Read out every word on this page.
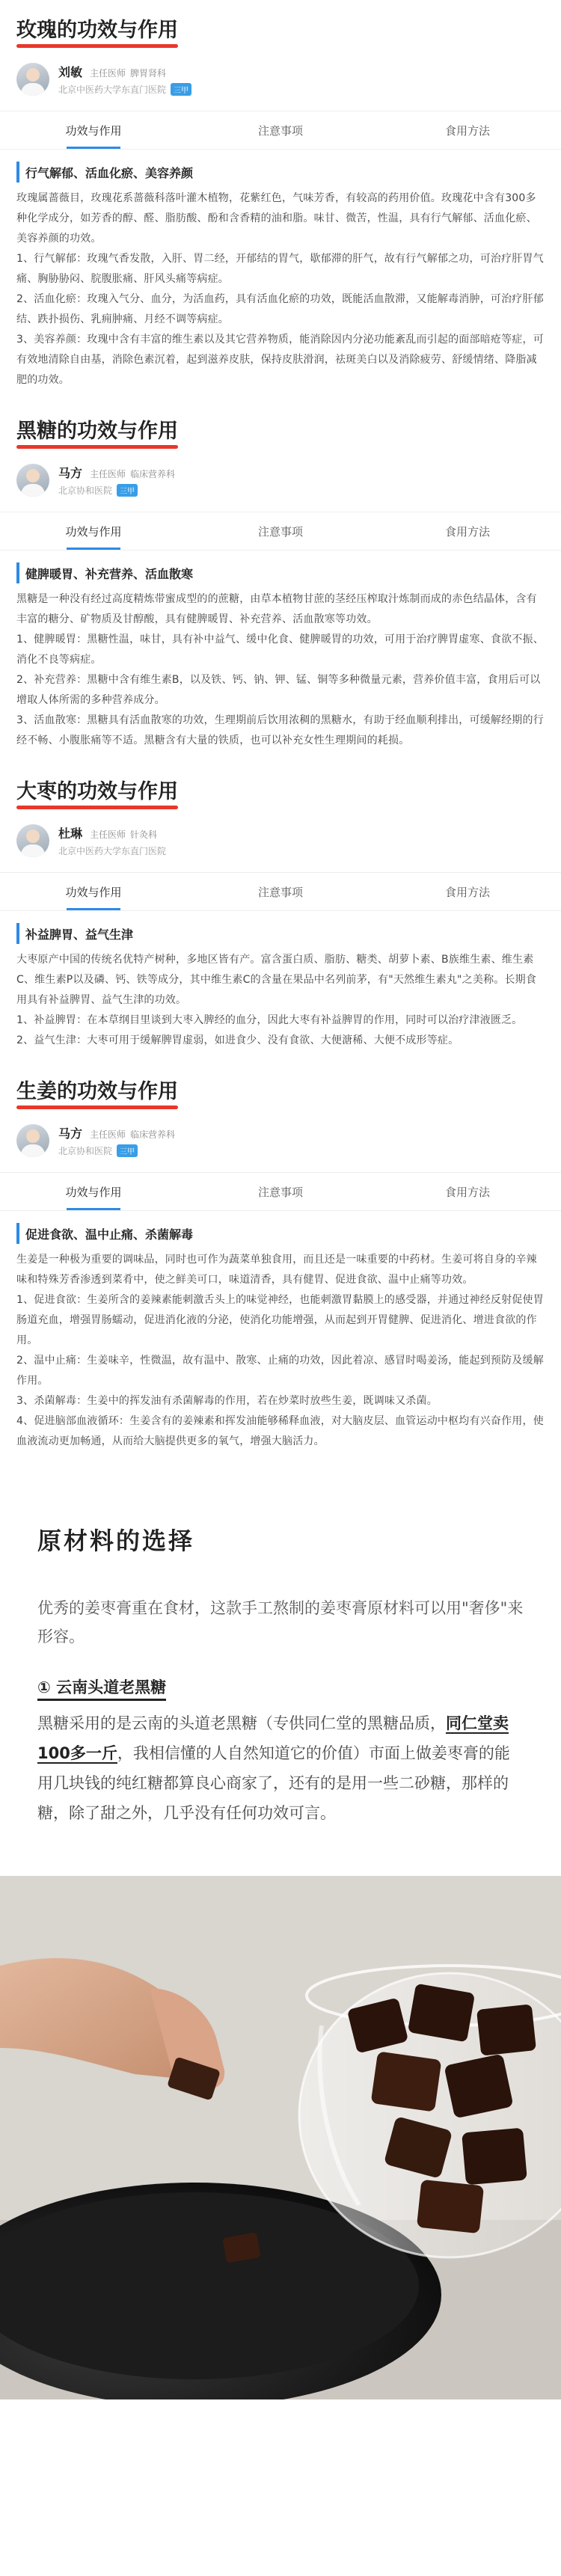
玫瑰的功效与作用
刘敏 主任医师 脾胃肾科
北京中医药大学东直门医院	三甲
功效与作用	注意事项	食用方法
行气解郁、活血化瘀、美容养颜

玫瑰属蔷薇目，玫瑰花系蔷薇科落叶灌木植物，花紫红色，气味芳香，有较高的药用价值。玫瑰花中含有300多种化学成分，如芳香的醇、醛、脂肪酸、酚和含香精的油和脂。味甘、微苦，性温，具有行气解郁、活血化瘀、美容养颜的功效。

1、行气解郁：玫瑰气香发散，入肝、胃二经，开郁结的胃气，歇郁滞的肝气，故有行气解郁之功，可治疗肝胃气痛、胸胁胁闷、脘腹胀痛、肝风头痛等病症。

2、活血化瘀：玫瑰入气分、血分，为活血药，具有活血化瘀的功效，既能活血散滞，又能解毒消肿，可治疗肝郁结、跌扑损伤、乳痈肿痛、月经不调等病症。

3、美容养颜：玫瑰中含有丰富的维生素以及其它营养物质，能消除因内分泌功能紊乱而引起的面部暗疮等症，可有效地清除自由基，消除色素沉着，起到滋养皮肤，保持皮肤滑润，祛斑美白以及消除疲劳、舒缓情绪、降脂减肥的功效。

黑糖的功效与作用
马方 主任医师 临床营养科
北京协和医院	三甲
功效与作用	注意事项	食用方法
健脾暖胃、补充营养、活血散寒

黑糖是一种没有经过高度精炼带蜜成型的的蔗糖，由草本植物甘蔗的茎经压榨取汁炼制而成的赤色结晶体，含有丰富的糖分、矿物质及甘醇酸，具有健脾暖胃、补充营养、活血散寒等功效。

1、健脾暖胃：黑糖性温，味甘，具有补中益气、缓中化食、健脾暖胃的功效，可用于治疗脾胃虚寒、食欲不振、消化不良等病症。

2、补充营养：黑糖中含有维生素B，以及铁、钙、钠、钾、锰、铜等多种微量元素，营养价值丰富，食用后可以增取人体所需的多种营养成分。

3、活血散寒：黑糖具有活血散寒的功效，生理期前后饮用浓稠的黑糖水，有助于经血顺利排出，可缓解经期的行经不畅、小腹胀痛等不适。黑糖含有大量的铁质，也可以补充女性生理期间的耗损。

大枣的功效与作用
杜琳 主任医师 针灸科
北京中医药大学东直门医院
功效与作用	注意事项	食用方法
补益脾胃、益气生津

大枣原产中国的传统名优特产树种，多地区皆有产。富含蛋白质、脂肪、糖类、胡萝卜素、B族维生素、维生素C、维生素P以及磷、钙、铁等成分，其中维生素C的含量在果品中名列前茅，有"天然维生素丸"之美称。长期食用具有补益脾胃、益气生津的功效。

1、补益脾胃：在本草纲目里谈到大枣入脾经的血分，因此大枣有补益脾胃的作用，同时可以治疗津液匮乏。

2、益气生津：大枣可用于缓解脾胃虚弱，如进食少、没有食欲、大便溏稀、大便不成形等症。

生姜的功效与作用
马方 主任医师 临床营养科
北京协和医院	三甲
功效与作用	注意事项	食用方法
促进食欲、温中止痛、杀菌解毒

生姜是一种极为重要的调味品，同时也可作为蔬菜单独食用，而且还是一味重要的中药材。生姜可将自身的辛辣味和特殊芳香渗透到菜肴中，使之鲜美可口，味道清香，具有健胃、促进食欲、温中止痛等功效。

1、促进食欲：生姜所含的姜辣素能刺激舌头上的味觉神经，也能刺激胃黏膜上的感受器，并通过神经反射促使胃肠道充血，增强胃肠蠕动，促进消化液的分泌，使消化功能增强，从而起到开胃健脾、促进消化、增进食欲的作用。

2、温中止痛：生姜味辛，性微温，故有温中、散寒、止痛的功效，因此着凉、感冒时喝姜汤，能起到预防及缓解作用。

3、杀菌解毒：生姜中的挥发油有杀菌解毒的作用，若在炒菜时放些生姜，既调味又杀菌。

4、促进脑部血液循环：生姜含有的姜辣素和挥发油能够稀释血液，对大脑皮层、血管运动中枢均有兴奋作用，使血液流动更加畅通，从而给大脑提供更多的氧气，增强大脑活力。

原材料的选择

优秀的姜枣膏重在食材，这款手工熬制的姜枣膏原材料可以用"奢侈"来形容。

① 云南头道老黑糖

黑糖采用的是云南的头道老黑糖（专供同仁堂的黑糖品质，同仁堂卖100多一斤，我相信懂的人自然知道它的价值）市面上做姜枣膏的能用几块钱的纯红糖都算良心商家了，还有的是用一些二砂糖，那样的糖，除了甜之外，几乎没有任何功效可言。
